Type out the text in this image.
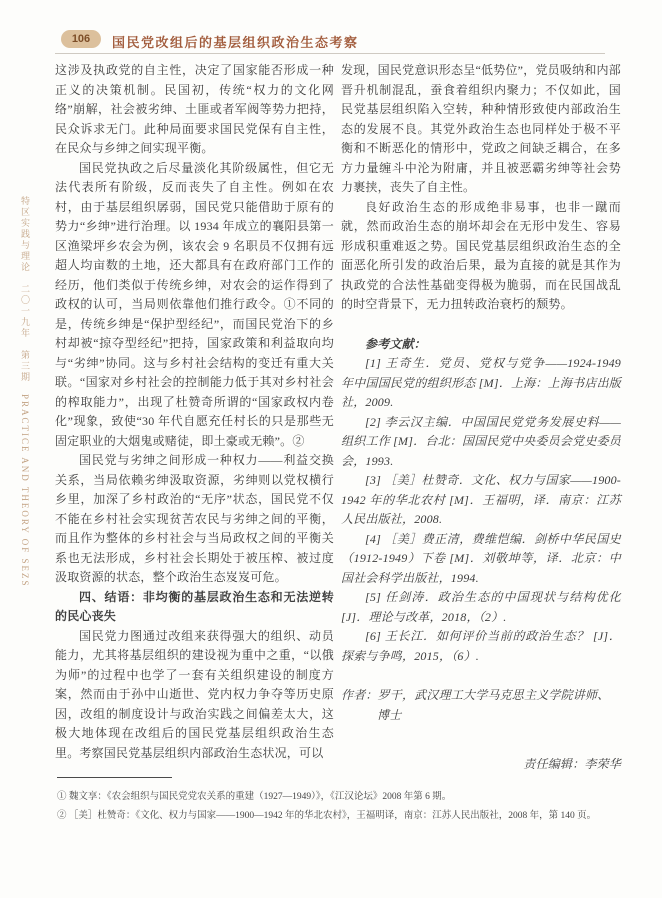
特区实践与理论　二〇一九年　第三期　PRACTICE AND THEORY OF SEZS
106	国民党改组后的基层组织政治生态考察

这涉及执政党的自主性，决定了国家能否形成一种正义的决策机制。民国初，传统“权力的文化网络”崩解，社会被劣绅、土匪或者军阀等势力把持，民众诉求无门。此种局面要求国民党保有自主性，在民众与乡绅之间实现平衡。

国民党执政之后尽量淡化其阶级属性，但它无法代表所有阶级，反而丧失了自主性。例如在农村，由于基层组织孱弱，国民党只能借助于原有的势力“乡绅”进行治理。以 1934 年成立的襄阳县第一区渔梁坪乡农会为例，该农会 9 名职员不仅拥有远超人均亩数的土地，还大都具有在政府部门工作的经历，他们类似于传统乡绅，对农会的运作得到了政权的认可，当局则依靠他们推行政令。①不同的是，传统乡绅是“保护型经纪”，而国民党治下的乡村却被“掠夺型经纪”把持，国家政策和利益取向均与“劣绅”协同。这与乡村社会结构的变迁有重大关联。“国家对乡村社会的控制能力低于其对乡村社会的榨取能力”，出现了杜赞奇所谓的“国家政权内卷化”现象，致使“30 年代自愿充任村长的只是那些无固定职业的大烟鬼或赌徒，即土豪或无赖”。②

国民党与劣绅之间形成一种权力——利益交换关系，当局依赖劣绅汲取资源，劣绅则以党权横行乡里，加深了乡村政治的“无序”状态，国民党不仅不能在乡村社会实现贫苦农民与劣绅之间的平衡，而且作为整体的乡村社会与当局政权之间的平衡关系也无法形成，乡村社会长期处于被压榨、被过度汲取资源的状态，整个政治生态岌岌可危。

四、结语：非均衡的基层政治生态和无法逆转的民心丧失

国民党力图通过改组来获得强大的组织、动员能力，尤其将基层组织的建设视为重中之重，“以俄为师”的过程中也学了一套有关组织建设的制度方案，然而由于孙中山逝世、党内权力争夺等历史原因，改组的制度设计与政治实践之间偏差太大，这极大地体现在改组后的国民党基层组织政治生态里。考察国民党基层组织内部政治生态状况，可以

发现，国民党意识形态呈“低势位”，党员吸纳和内部晋升机制混乱，蚕食着组织内聚力；不仅如此，国民党基层组织陷入空转，种种情形致使内部政治生态的发展不良。其党外政治生态也同样处于极不平衡和不断恶化的情形中，党政之间缺乏耦合，在多方力量缠斗中沦为附庸，并且被恶霸劣绅等社会势力裹挟，丧失了自主性。

良好政治生态的形成绝非易事，也非一蹴而就，然而政治生态的崩坏却会在无形中发生、容易形成积重难返之势。国民党基层组织政治生态的全面恶化所引发的政治后果，最为直接的就是其作为执政党的合法性基础变得极为脆弱，而在民国战乱的时空背景下，无力扭转政治衰朽的颓势。

参考文献：

[1] 王奇生．党员、党权与党争——1924-1949 年中国国民党的组织形态 [M]．上海：上海书店出版社，2009.

[2] 李云汉主编．中国国民党党务发展史料——组织工作 [M]．台北：国国民党中央委员会党史委员会，1993.

[3] ［美］杜赞奇．文化、权力与国家——1900-1942 年的华北农村 [M]．王福明，译．南京：江苏人民出版社，2008.

[4] ［美］费正清，费维恺编．剑桥中华民国史（1912-1949）下卷 [M]．刘敬坤等，译．北京：中国社会科学出版社，1994.

[5] 任剑涛．政治生态的中国现状与结构优化 [J]．理论与改革，2018，（2）.

[6] 王长江．如何评价当前的政治生态？ [J]．探索与争鸣，2015，（6）.

作者：罗干，武汉理工大学马克思主义学院讲师、

博士

责任编辑：李荣华

① 魏文享：《农会组织与国民党党农关系的重建（1927—1949）》，《江汉论坛》2008 年第 6 期。

② ［美］杜赞奇：《文化、权力与国家——1900—1942 年的华北农村》，王福明译，南京：江苏人民出版社，2008 年，第 140 页。
